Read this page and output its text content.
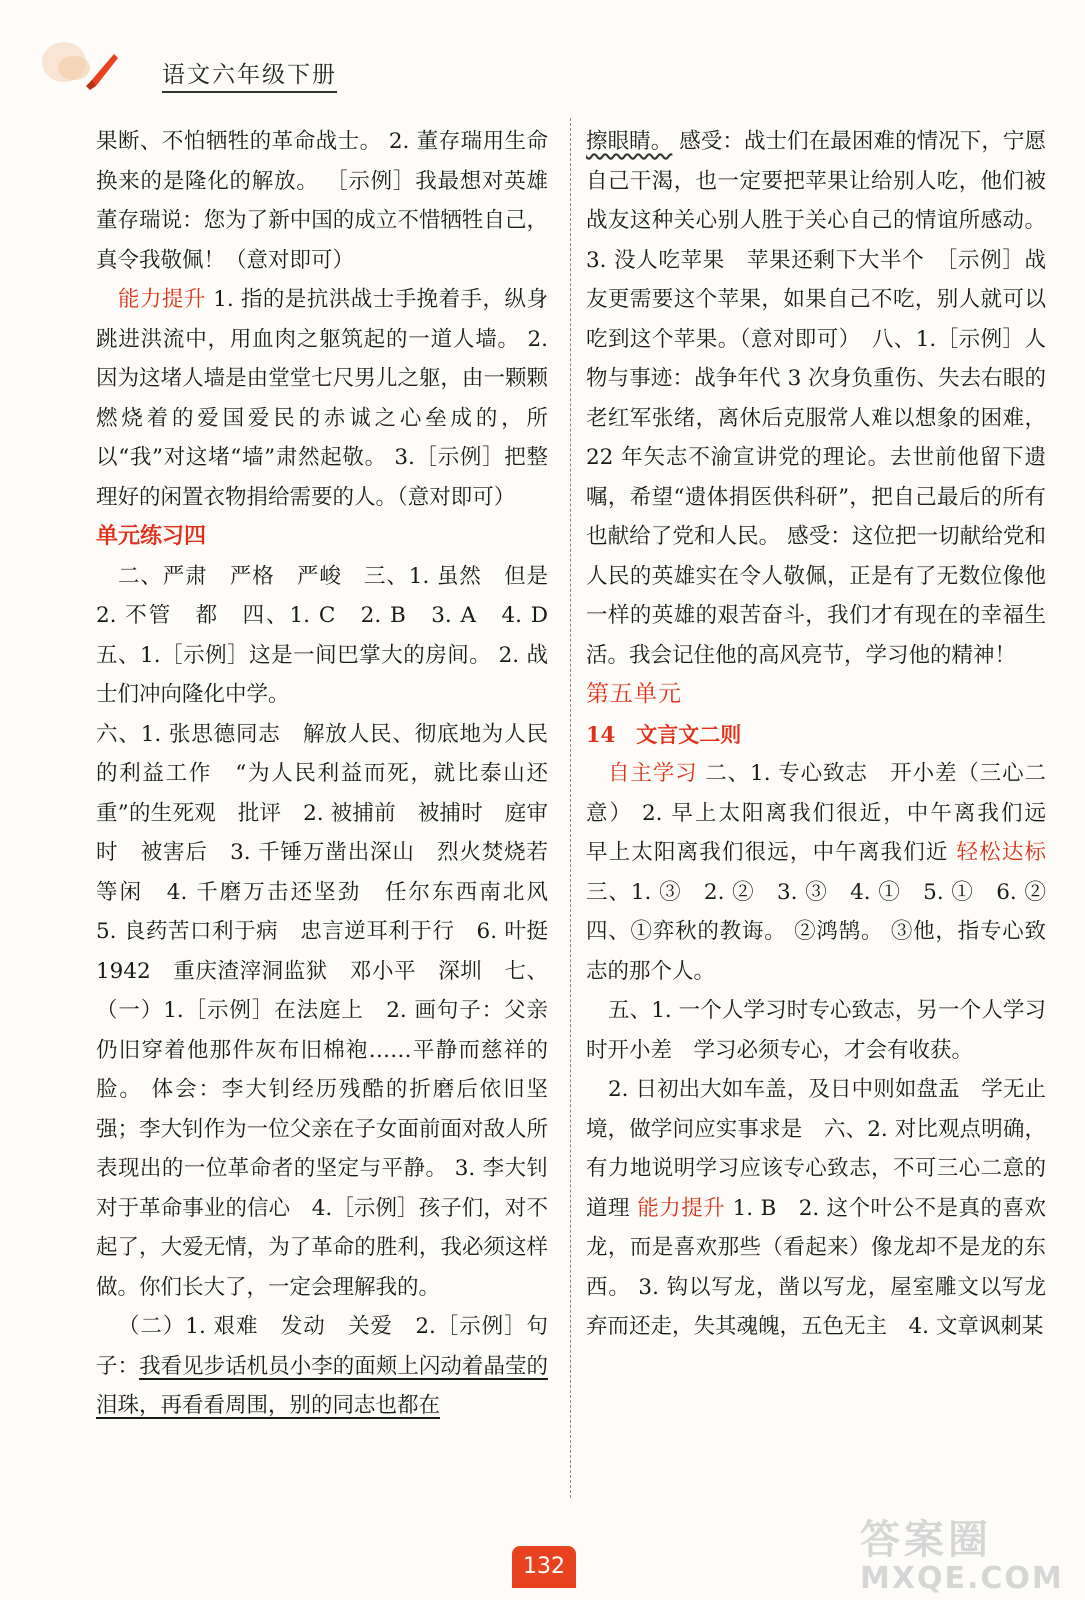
语文六年级下册

果断、不怕牺牲的革命战士。 2. 董存瑞用生命换来的是隆化的解放。 ［示例］我最想对英雄董存瑞说：您为了新中国的成立不惜牺牲自己，真令我敬佩！（意对即可）

能力提升 1. 指的是抗洪战士手挽着手，纵身跳进洪流中，用血肉之躯筑起的一道人墙。 2. 因为这堵人墙是由堂堂七尺男儿之躯，由一颗颗燃烧着的爱国爱民的赤诚之心垒成的，所以“我”对这堵“墙”肃然起敬。 3.［示例］把整理好的闲置衣物捐给需要的人。（意对即可）

单元练习四

二、严肃　严格　严峻　三、1. 虽然　但是　2. 不管　都　四、1. C　2. B　3. A　4. D　五、1.［示例］这是一间巴掌大的房间。 2. 战士们冲向隆化中学。

六、1. 张思德同志　解放人民、彻底地为人民的利益工作　“为人民利益而死，就比泰山还重”的生死观　批评　2. 被捕前　被捕时　庭审时　被害后　3. 千锤万凿出深山　烈火焚烧若等闲　4. 千磨万击还坚劲　任尔东西南北风　5. 良药苦口利于病　忠言逆耳利于行　6. 叶挺　1942　重庆渣滓洞监狱　邓小平　深圳　七、（一）1.［示例］在法庭上　2. 画句子：父亲仍旧穿着他那件灰布旧棉袍……平静而慈祥的脸。 体会：李大钊经历残酷的折磨后依旧坚强；李大钊作为一位父亲在子女面前面对敌人所表现出的一位革命者的坚定与平静。 3. 李大钊对于革命事业的信心　4.［示例］孩子们，对不起了，大爱无情，为了革命的胜利，我必须这样做。你们长大了，一定会理解我的。

（二）1. 艰难　发动　关爱　2.［示例］句子：我看见步话机员小李的面颊上闪动着晶莹的泪珠，再看看周围，别的同志也都在

擦眼睛。 感受：战士们在最困难的情况下，宁愿自己干渴，也一定要把苹果让给别人吃，他们被战友这种关心别人胜于关心自己的情谊所感动。 3. 没人吃苹果　苹果还剩下大半个　［示例］战友更需要这个苹果，如果自己不吃，别人就可以吃到这个苹果。（意对即可）　八、1.［示例］人物与事迹：战争年代 3 次身负重伤、失去右眼的老红军张绪，离休后克服常人难以想象的困难，22 年矢志不渝宣讲党的理论。去世前他留下遗嘱，希望“遗体捐医供科研”，把自己最后的所有也献给了党和人民。 感受：这位把一切献给党和人民的英雄实在令人敬佩，正是有了无数位像他一样的英雄的艰苦奋斗，我们才有现在的幸福生活。我会记住他的高风亮节，学习他的精神！

第五单元

14　 文言文二则

自主学习 二、1. 专心致志　开小差（三心二意） 2. 早上太阳离我们很近，中午离我们远　早上太阳离我们很远，中午离我们近 轻松达标 三、1. ③　2. ②　3. ③　4. ①　5. ①　6. ②　四、①弈秋的教诲。 ②鸿鹄。 ③他，指专心致志的那个人。

五、1. 一个人学习时专心致志，另一个人学习时开小差　学习必须专心，才会有收获。

2. 日初出大如车盖，及日中则如盘盂　学无止境，做学问应实事求是　六、2. 对比观点明确，有力地说明学习应该专心致志，不可三心二意的道理 能力提升 1. B　2. 这个叶公不是真的喜欢龙，而是喜欢那些（看起来）像龙却不是龙的东西。 3. 钩以写龙，凿以写龙，屋室雕文以写龙　弃而还走，失其魂魄，五色无主　4. 文章讽刺某

132
答案圈
MXQE.COM
